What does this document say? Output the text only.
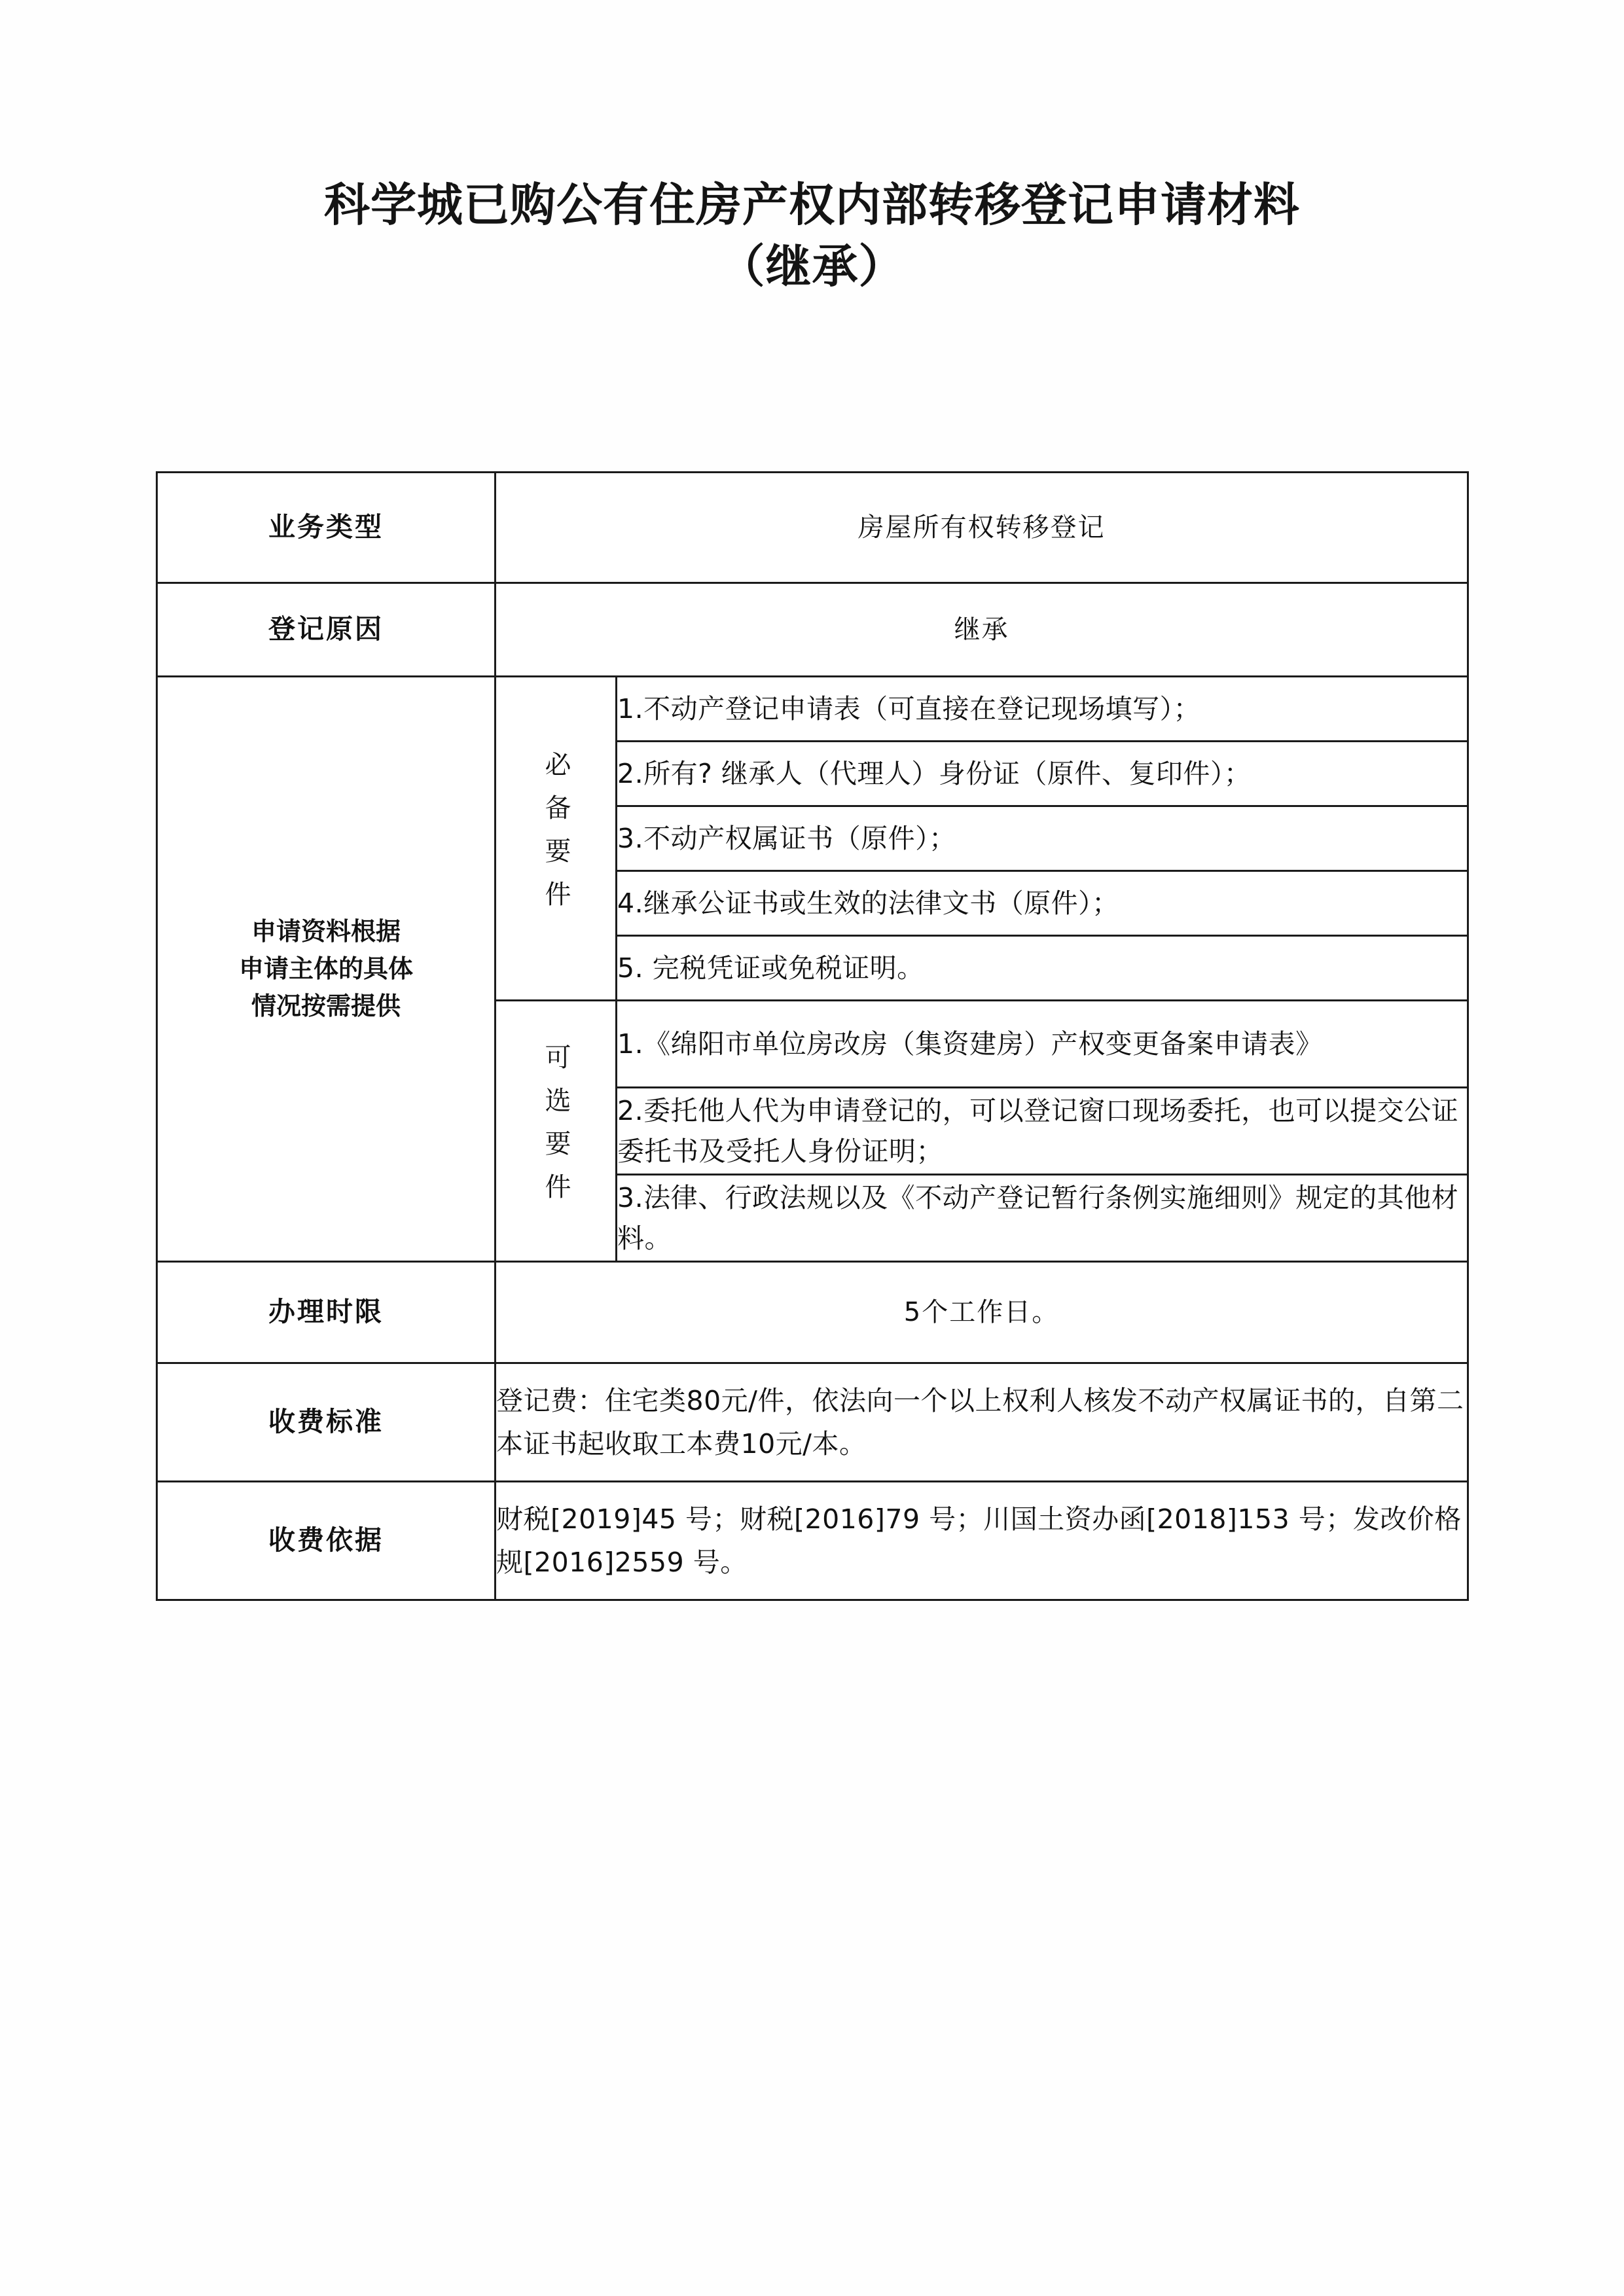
科学城已购公有住房产权内部转移登记申请材料
（继承）
业务类型	房屋所有权转移登记	
登记原因	继承	

申请资料根据
申请主体的具体
情况按需提供	必备要件	1.不动产登记申请表（可直接在登记现场填写）；
		2.所有? 继承人（代理人）身份证（原件、复印件）；
		3.不动产权属证书（原件）；
		4.继承公证书或生效的法律文书（原件）；
		5. 完税凭证或免税证明。
	可选要件	1.《绵阳市单位房改房（集资建房）产权变更备案申请表》
		2.委托他人代为申请登记的，可以登记窗口现场委托，也可以提交公证委托书及受托人身份证明；
		3.法律、行政法规以及《不动产登记暂行条例实施细则》规定的其他材料。
办理时限	5个工作日。	
收费标准	登记费：住宅类80元/件，依法向一个以上权利人核发不动产权属证书的，自第二本证书起收取工本费10元/本。	
收费依据	财税[2019]45 号；财税[2016]79 号；川国土资办函[2018]153 号；发改价格规[2016]2559 号。	
